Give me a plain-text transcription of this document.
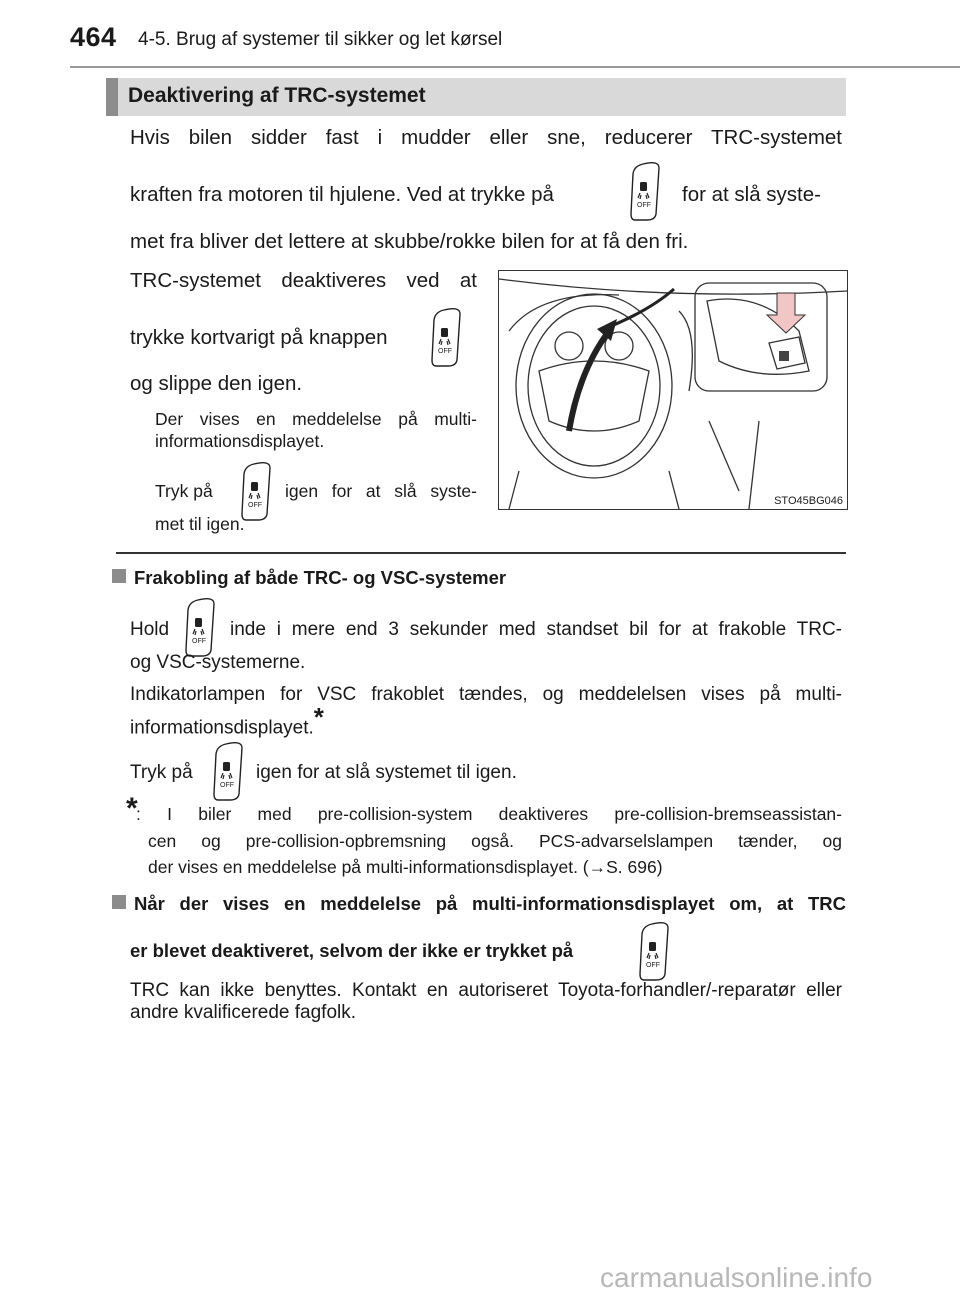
464 4-5. Brug af systemer til sikker og let kørsel
Deaktivering af TRC-systemet
Hvis bilen sidder fast i mudder eller sne, reducerer TRC-systemet
kraften fra motoren til hjulene. Ved at trykke på	for at slå syste-
met fra bliver det lettere at skubbe/rokke bilen for at få den fri.
TRC-systemet deaktiveres ved at
trykke kortvarigt på knappen
og slippe den igen.
Der vises en meddelelse på multi-informationsdisplayet.
Tryk på	igen for at slå syste-
met til igen.
STO45BG046
Frakobling af både TRC- og VSC-systemer
Hold	inde i mere end 3 sekunder med standset bil for at frakoble TRC-
og VSC-systemerne.
Indikatorlampen for VSC frakoblet tændes, og meddelelsen vises på multi-informationsdisplayet.*
Tryk på	igen for at slå systemet til igen.
*
: I biler med pre-collision-system deaktiveres pre-collision-bremseassistan-
cen og pre-collision-opbremsning også. PCS-advarselslampen tænder, og
der vises en meddelelse på multi-informationsdisplayet. (→S. 696)
Når der vises en meddelelse på multi-informationsdisplayet om, at TRC
er blevet deaktiveret, selvom der ikke er trykket på
TRC kan ikke benyttes. Kontakt en autoriseret Toyota-forhandler/-reparatør eller andre kvalificerede fagfolk.
carmanualsonline.info
